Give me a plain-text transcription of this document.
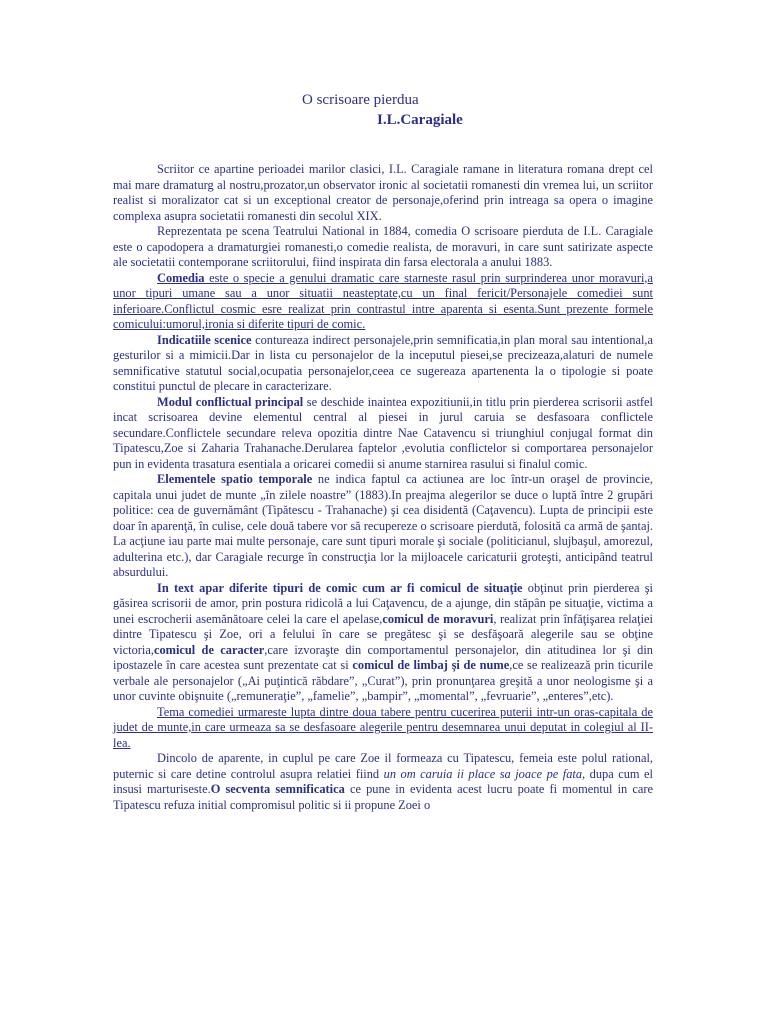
O scrisoare pierdua
I.L.Caragiale

Scriitor ce apartine perioadei marilor clasici, I.L. Caragiale ramane in literatura romana drept cel mai mare dramaturg al nostru,prozator,un observator ironic al societatii romanesti din vremea lui, un scriitor realist si moralizator cat si un exceptional creator de personaje,oferind prin intreaga sa opera o imagine complexa asupra societatii romanesti din secolul XIX.

Reprezentata pe scena Teatrului National in 1884, comedia O scrisoare pierduta de I.L. Caragiale este o capodopera a dramaturgiei romanesti,o comedie realista, de moravuri, in care sunt satirizate aspecte ale societatii contemporane scriitorului, fiind inspirata din farsa electorala a anului 1883.

Comedia este o specie a genului dramatic care starneste rasul prin surprinderea unor moravuri,a unor tipuri umane sau a unor situatii neasteptate,cu un final fericit/Personajele comediei sunt inferioare.Conflictul cosmic esre realizat prin contrastul intre aparenta si esenta.Sunt prezente formele comicului:umorul,ironia si diferite tipuri de comic.

Indicatiile scenice contureaza indirect personajele,prin semnificatia,in plan moral sau intentional,a gesturilor si a mimicii.Dar in lista cu personajelor de la inceputul piesei,se precizeaza,alaturi de numele semnificative statutul social,ocupatia personajelor,ceea ce sugereaza apartenenta la o tipologie si poate constitui punctul de plecare in caracterizare.

Modul conflictual principal se deschide inaintea expozitiunii,in titlu prin pierderea scrisorii astfel incat scrisoarea devine elementul central al piesei in jurul caruia se desfasoara conflictele secundare.Conflictele secundare releva opozitia dintre Nae Catavencu si triunghiul conjugal format din Tipatescu,Zoe si Zaharia Trahanache.Derularea faptelor ,evolutia conflictelor si comportarea personajelor pun in evidenta trasatura esentiala a oricarei comedii si anume starnirea rasului si finalul comic.

Elementele spatio temporale ne indica faptul ca actiunea are loc într-un oraşel de provincie, capitala unui judet de munte „în zilele noastre” (1883).In preajma alegerilor se duce o luptă între 2 grupări politice: cea de guvernământ (Tipătescu - Trahanache) şi cea disidentă (Caţavencu). Lupta de principii este doar în aparenţă, în culise, cele două tabere vor să recupereze o scrisoare pierdută, folosită ca armă de şantaj. La acţiune iau parte mai multe personaje, care sunt tipuri morale şi sociale (politicianul, slujbaşul, amorezul, adulterina etc.), dar Caragiale recurge în construcţia lor la mijloacele caricaturii groteşti, anticipând teatrul absurdului.

In text apar diferite tipuri de comic cum ar fi comicul de situaţie obţinut prin pierderea şi găsirea scrisorii de amor, prin postura ridicolă a lui Caţavencu, de a ajunge, din stăpân pe situaţie, victima a unei escrocherii asemănătoare celei la care el apelase,comicul de moravuri, realizat prin înfăţişarea relaţiei dintre Tipatescu şi Zoe, ori a felului în care se pregătesc şi se desfăşoară alegerile sau se obţine victoria,comicul de caracter,care izvoraşte din comportamentul personajelor, din atitudinea lor şi din ipostazele în care acestea sunt prezentate cat si comicul de limbaj şi de nume,ce se realizează prin ticurile verbale ale personajelor („Ai puţintică răbdare”, „Curat”), prin pronunţarea greşită a unor neologisme şi a unor cuvinte obişnuite („remuneraţie”, „famelie”, „bampir”, „momental”, „fevruarie”, „enteres”,etc).

Tema comediei urmareste lupta dintre doua tabere pentru cucerirea puterii intr-un oras-capitala de judet de munte,in care urmeaza sa se desfasoare alegerile pentru desemnarea unui deputat in colegiul al II-lea.

Dincolo de aparente, in cuplul pe care Zoe il formeaza cu Tipatescu, femeia este polul rational, puternic si care detine controlul asupra relatiei fiind un om caruia ii place sa joace pe fata, dupa cum el insusi marturiseste.O secventa semnificatica ce pune in evidenta acest lucru poate fi momentul in care Tipatescu refuza initial compromisul politic si ii propune Zoei o
